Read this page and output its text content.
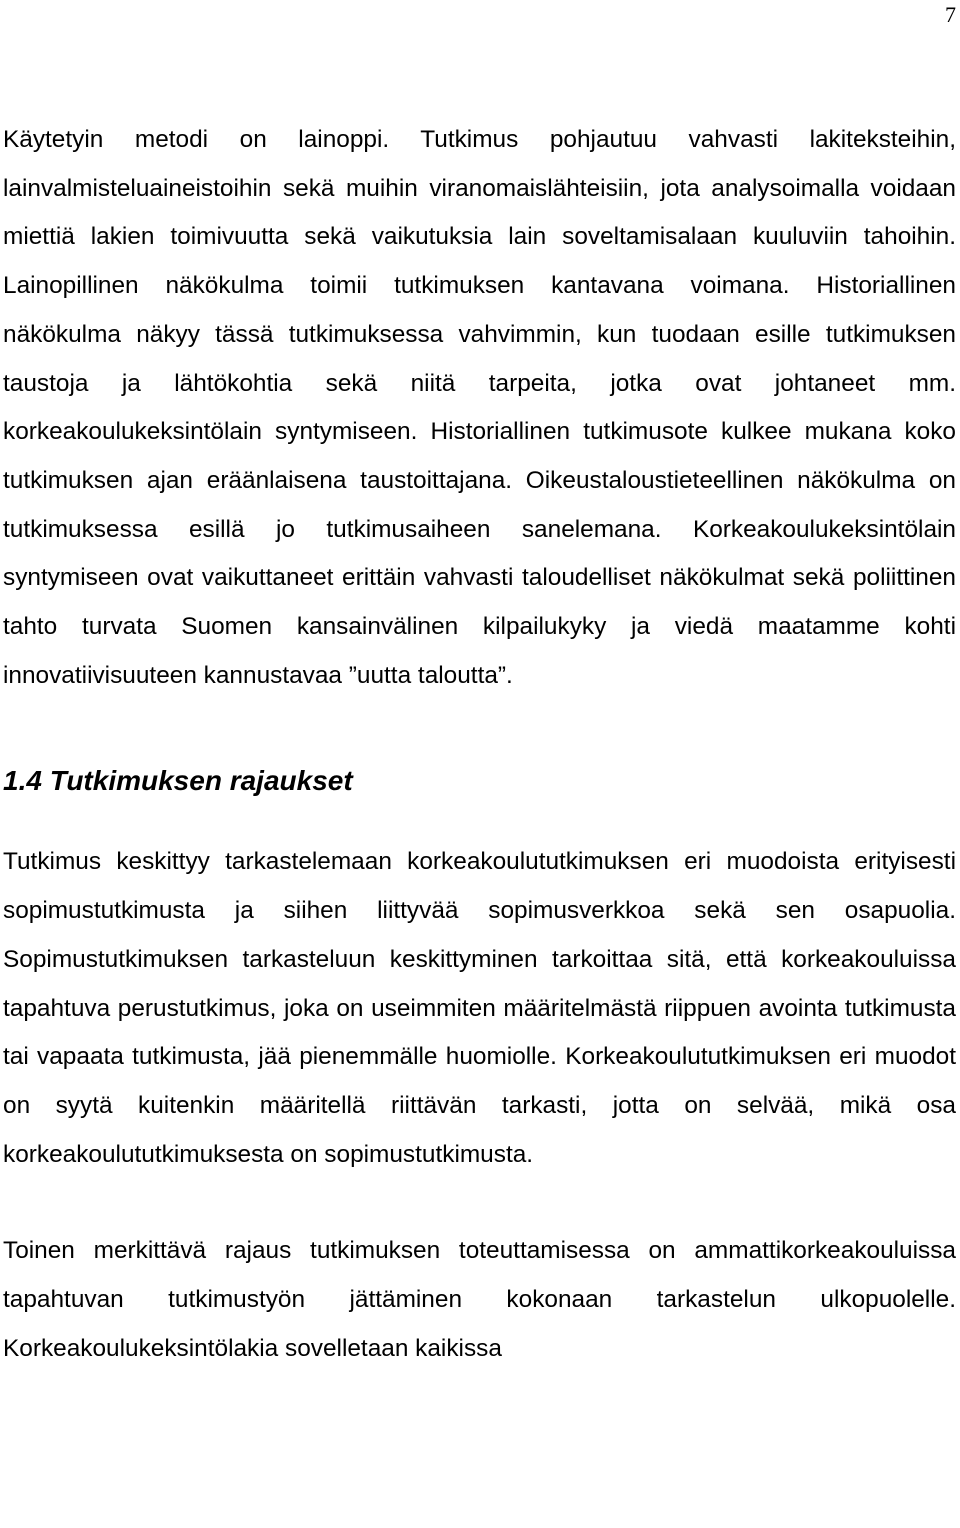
7

Käytetyin metodi on lainoppi. Tutkimus pohjautuu vahvasti lakiteksteihin, lainvalmisteluaineistoihin sekä muihin viranomaislähteisiin, jota analysoimalla voidaan miettiä lakien toimivuutta sekä vaikutuksia lain soveltamisalaan kuuluviin tahoihin. Lainopillinen näkökulma toimii tutkimuksen kantavana voimana. Historiallinen näkökulma näkyy tässä tutkimuksessa vahvimmin, kun tuodaan esille tutkimuksen taustoja ja lähtökohtia sekä niitä tarpeita, jotka ovat johtaneet mm. korkeakoulukeksintölain syntymiseen. Historiallinen tutkimusote kulkee mukana koko tutkimuksen ajan eräänlaisena taustoittajana. Oikeustaloustieteellinen näkökulma on tutkimuksessa esillä jo tutkimusaiheen sanelemana. Korkeakoulukeksintölain syntymiseen ovat vaikuttaneet erittäin vahvasti taloudelliset näkökulmat sekä poliittinen tahto turvata Suomen kansainvälinen kilpailukyky ja viedä maatamme kohti innovatiivisuuteen kannustavaa ”uutta taloutta”.

1.4 Tutkimuksen rajaukset

Tutkimus keskittyy tarkastelemaan korkeakoulututkimuksen eri muodoista erityisesti sopimustutkimusta ja siihen liittyvää sopimusverkkoa sekä sen osapuolia. Sopimustutkimuksen tarkasteluun keskittyminen tarkoittaa sitä, että korkeakouluissa tapahtuva perustutkimus, joka on useimmiten määritelmästä riippuen avointa tutkimusta tai vapaata tutkimusta, jää pienemmälle huomiolle. Korkeakoulututkimuksen eri muodot on syytä kuitenkin määritellä riittävän tarkasti, jotta on selvää, mikä osa korkeakoulututkimuksesta on sopimustutkimusta.

Toinen merkittävä rajaus tutkimuksen toteuttamisessa on ammattikorkeakouluissa tapahtuvan tutkimustyön jättäminen kokonaan tarkastelun ulkopuolelle. Korkeakoulukeksintölakia sovelletaan kaikissa
